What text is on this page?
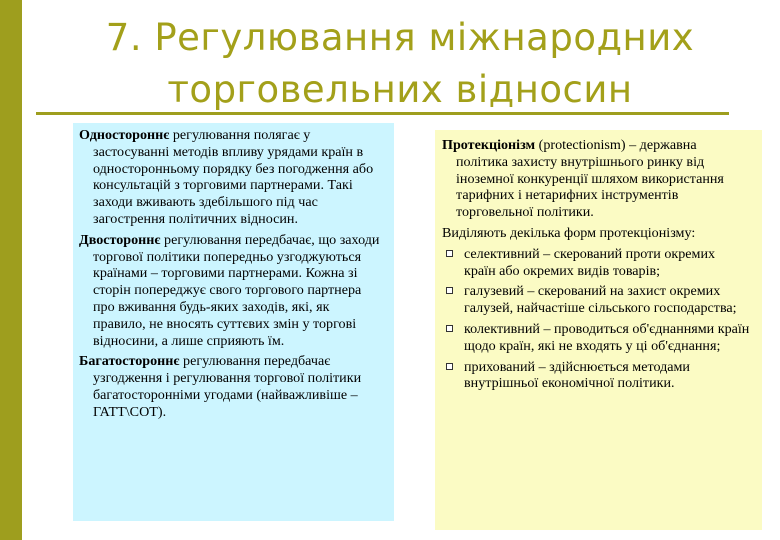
7. Регулювання міжнародних
торговельних відносин

Одностороннє регулювання полягає у застосуванні методів впливу урядами країн в односторонньому порядку без погодження або консультацій з торговими партнерами. Такі заходи вживають здебільшого під час загострення політичних відносин.

Двостороннє регулювання передбачає, що заходи торгової політики попередньо узгоджуються країнами – торговими партнерами. Кожна зі сторін попереджує свого торгового партнера про вживання будь-яких заходів, які, як правило, не вносять суттєвих змін у торгові відносини, а лише сприяють їм.

Багатостороннє регулювання передбачає узгодження і регулювання торгової політики багатосторонніми угодами (найважливіше – ГАТТ\СОТ).

Протекціонізм (protectionism) – державна політика захисту внутрішнього ринку від іноземної конкуренції шляхом використання тарифних і нетарифних інструментів торговельної політики.

Виділяють декілька форм протекціонізму:

селективний – скерований проти окремих країн або окремих видів товарів;
галузевий – скерований на захист окремих галузей, найчастіше сільського господарства;
колективний – проводиться об'єднаннями країн щодо країн, які не входять у ці об'єднання;
прихований – здійснюється методами внутрішньої економічної політики.
